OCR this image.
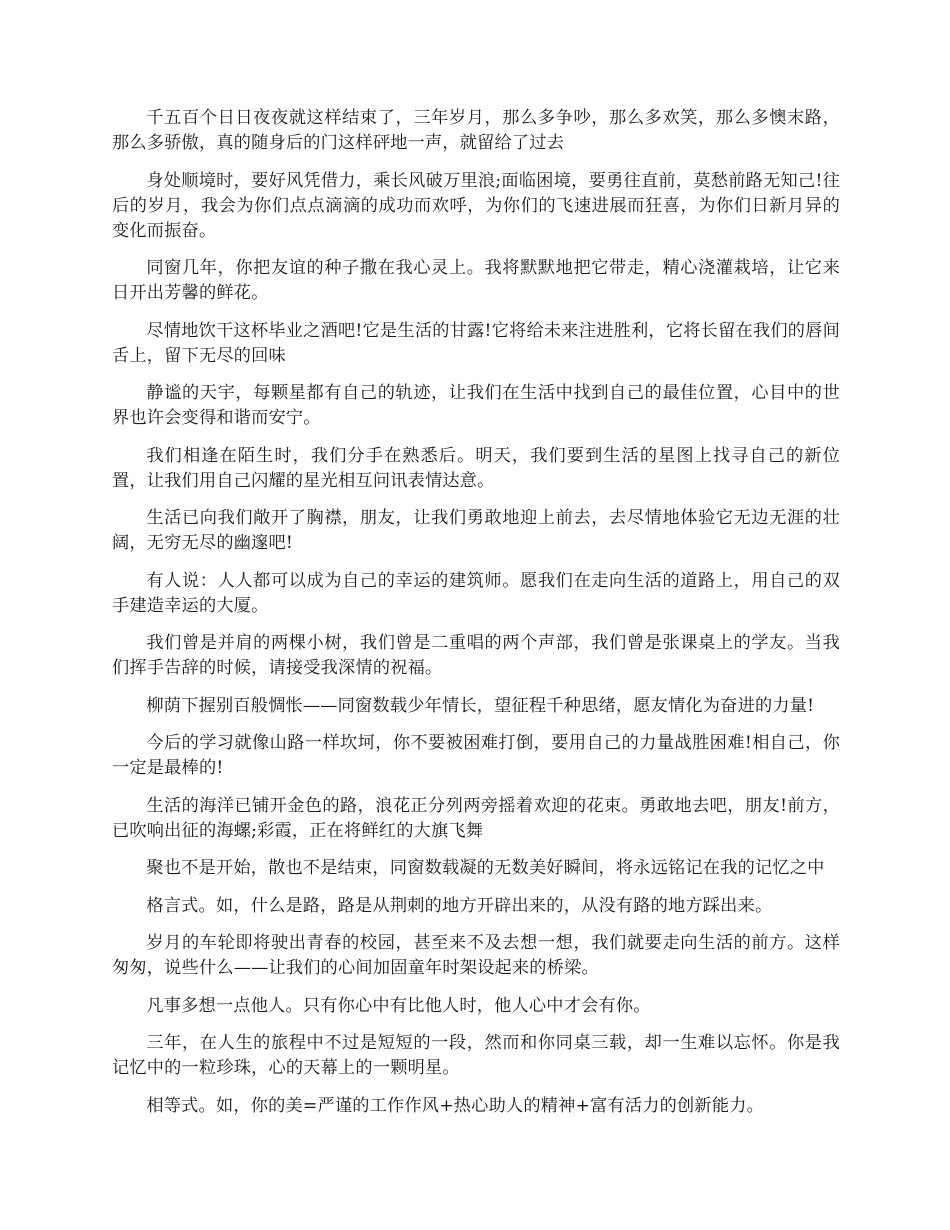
千五百个日日夜夜就这样结束了，三年岁月，那么多争吵，那么多欢笑，那么多懊末路，那么多骄傲，真的随身后的门这样砰地一声，就留给了过去

身处顺境时，要好风凭借力，乘长风破万里浪;面临困境，要勇往直前，莫愁前路无知己!往后的岁月，我会为你们点点滴滴的成功而欢呼，为你们的飞速进展而狂喜，为你们日新月异的变化而振奋。

同窗几年，你把友谊的种子撒在我心灵上。我将默默地把它带走，精心浇灌栽培，让它来日开出芳馨的鲜花。

尽情地饮干这杯毕业之酒吧!它是生活的甘露!它将给未来注进胜利，它将长留在我们的唇间舌上，留下无尽的回味

静谧的天宇，每颗星都有自己的轨迹，让我们在生活中找到自己的最佳位置，心目中的世界也许会变得和谐而安宁。

我们相逢在陌生时，我们分手在熟悉后。明天，我们要到生活的星图上找寻自己的新位置，让我们用自己闪耀的星光相互问讯表情达意。

生活已向我们敞开了胸襟，朋友，让我们勇敢地迎上前去，去尽情地体验它无边无涯的壮阔，无穷无尽的幽邃吧!

有人说：人人都可以成为自己的幸运的建筑师。愿我们在走向生活的道路上，用自己的双手建造幸运的大厦。

我们曾是并肩的两棵小树，我们曾是二重唱的两个声部，我们曾是张课桌上的学友。当我们挥手告辞的时候，请接受我深情的祝福。

柳荫下握别百般惆怅——同窗数载少年情长，望征程千种思绪，愿友情化为奋进的力量!

今后的学习就像山路一样坎坷，你不要被困难打倒，要用自己的力量战胜困难!相自己，你一定是最棒的!

生活的海洋已铺开金色的路，浪花正分列两旁摇着欢迎的花束。勇敢地去吧，朋友!前方，已吹响出征的海螺;彩霞，正在将鲜红的大旗飞舞

聚也不是开始，散也不是结束，同窗数载凝的无数美好瞬间，将永远铭记在我的记忆之中

格言式。如，什么是路，路是从荆刺的地方开辟出来的，从没有路的地方踩出来。

岁月的车轮即将驶出青春的校园，甚至来不及去想一想，我们就要走向生活的前方。这样匆匆，说些什么——让我们的心间加固童年时架设起来的桥梁。

凡事多想一点他人。只有你心中有比他人时，他人心中才会有你。

三年，在人生的旅程中不过是短短的一段，然而和你同桌三载，却一生难以忘怀。你是我记忆中的一粒珍珠，心的天幕上的一颗明星。

相等式。如，你的美=严谨的工作作风+热心助人的精神+富有活力的创新能力。
